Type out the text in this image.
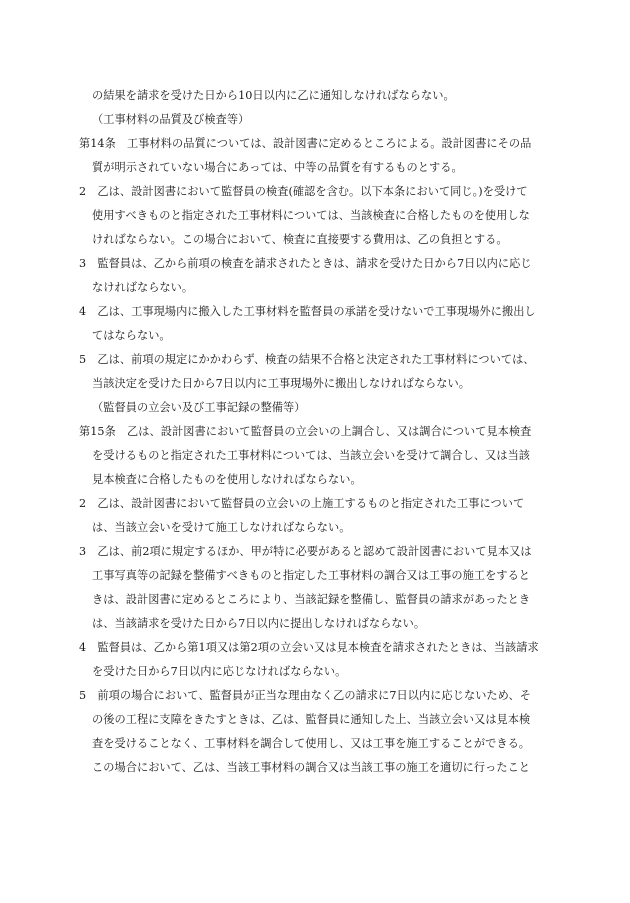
の結果を請求を受けた日から10日以内に乙に通知しなければならない。
（工事材料の品質及び検査等）
第14条　工事材料の品質については、設計図書に定めるところによる。設計図書にその品
質が明示されていない場合にあっては、中等の品質を有するものとする。
2　乙は、設計図書において監督員の検査(確認を含む。以下本条において同じ。)を受けて
使用すべきものと指定された工事材料については、当該検査に合格したものを使用しな
ければならない。この場合において、検査に直接要する費用は、乙の負担とする。
3　監督員は、乙から前項の検査を請求されたときは、請求を受けた日から7日以内に応じ
なければならない。
4　乙は、工事現場内に搬入した工事材料を監督員の承諾を受けないで工事現場外に搬出し
てはならない。
5　乙は、前項の規定にかかわらず、検査の結果不合格と決定された工事材料については、
当該決定を受けた日から7日以内に工事現場外に搬出しなければならない。
（監督員の立会い及び工事記録の整備等）
第15条　乙は、設計図書において監督員の立会いの上調合し、又は調合について見本検査
を受けるものと指定された工事材料については、当該立会いを受けて調合し、又は当該
見本検査に合格したものを使用しなければならない。
2　乙は、設計図書において監督員の立会いの上施工するものと指定された工事について
は、当該立会いを受けて施工しなければならない。
3　乙は、前2項に規定するほか、甲が特に必要があると認めて設計図書において見本又は
工事写真等の記録を整備すべきものと指定した工事材料の調合又は工事の施工をすると
きは、設計図書に定めるところにより、当該記録を整備し、監督員の請求があったとき
は、当該請求を受けた日から7日以内に提出しなければならない。
4　監督員は、乙から第1項又は第2項の立会い又は見本検査を請求されたときは、当該請求
を受けた日から7日以内に応じなければならない。
5　前項の場合において、監督員が正当な理由なく乙の請求に7日以内に応じないため、そ
の後の工程に支障をきたすときは、乙は、監督員に通知した上、当該立会い又は見本検
査を受けることなく、工事材料を調合して使用し、又は工事を施工することができる。
この場合において、乙は、当該工事材料の調合又は当該工事の施工を適切に行ったこと
